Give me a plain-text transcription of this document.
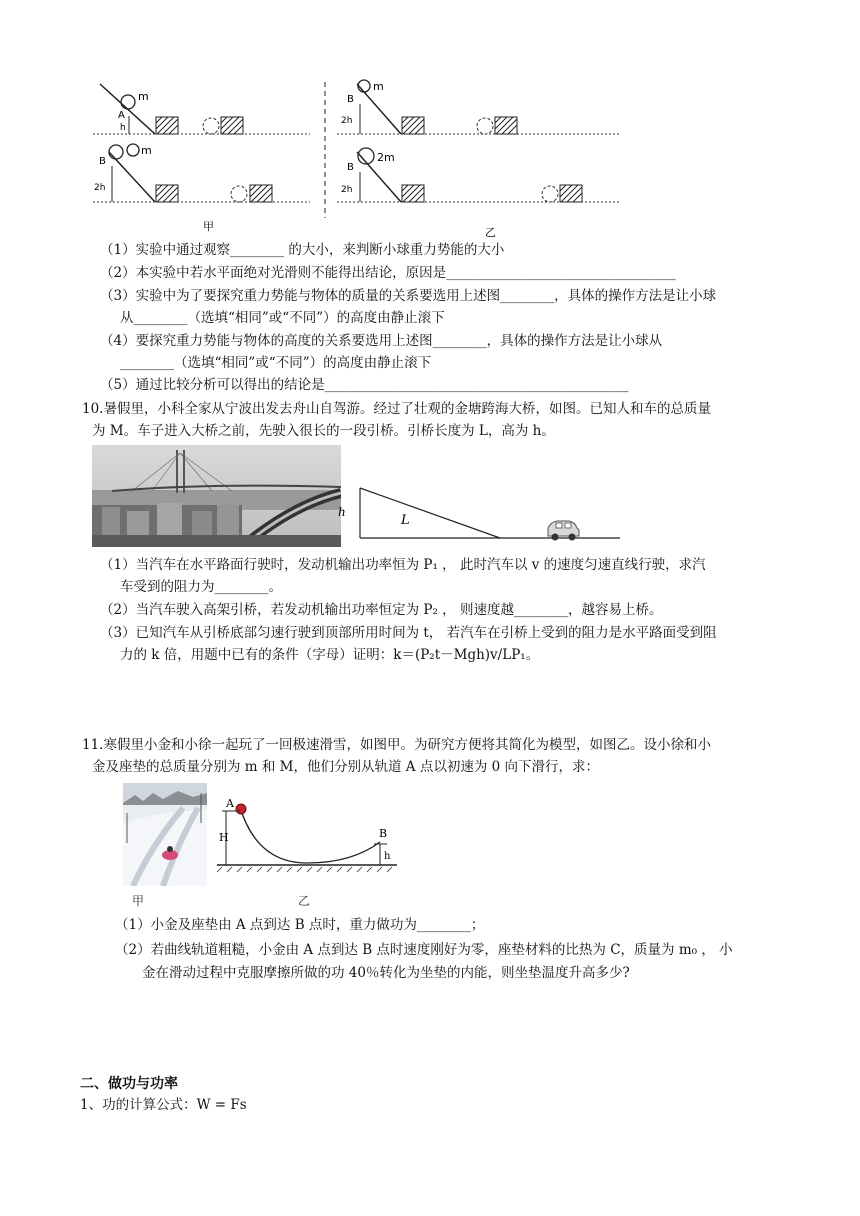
m
A
h
B
2h
m
m
B
2h
2m
B
2h
甲	乙
（1）实验中通过观察________ 的大小，来判断小球重力势能的大小
（2）本实验中若水平面绝对光滑则不能得出结论，原因是__________________________________
（3）实验中为了要探究重力势能与物体的质量的关系要选用上述图________，具体的操作方法是让小球
从________（选填“相同”或“不同”）的高度由静止滚下
（4）要探究重力势能与物体的高度的关系要选用上述图________，具体的操作方法是让小球从
________（选填“相同”或“不同”）的高度由静止滚下
（5）通过比较分析可以得出的结论是_____________________________________________
10.暑假里，小科全家从宁波出发去舟山自驾游。经过了壮观的金塘跨海大桥，如图。已知人和车的总质量
为 M。车子进入大桥之前，先驶入很长的一段引桥。引桥长度为 L，高为 h。
h
L
（1）当汽车在水平路面行驶时，发动机输出功率恒为 P₁ ， 此时汽车以 v 的速度匀速直线行驶，求汽
车受到的阻力为________。
（2）当汽车驶入高架引桥，若发动机输出功率恒定为 P₂ ， 则速度越________，越容易上桥。
（3）已知汽车从引桥底部匀速行驶到顶部所用时间为 t， 若汽车在引桥上受到的阻力是水平路面受到阻
力的 k 倍，用题中已有的条件（字母）证明：k＝(P₂t－Mgh)v/LP₁。
11.寒假里小金和小徐一起玩了一回极速滑雪，如图甲。为研究方便将其简化为模型，如图乙。设小徐和小
金及座垫的总质量分别为 m 和 M，他们分别从轨道 A 点以初速为 0 向下滑行，求：
A
H	B
h
甲	乙
（1）小金及座垫由 A 点到达 B 点时，重力做功为________；
（2）若曲线轨道粗糙，小金由 A 点到达 B 点时速度刚好为零，座垫材料的比热为 C，质量为 m₀ ， 小
金在滑动过程中克服摩擦所做的功 40％转化为坐垫的内能，则坐垫温度升高多少?
二、做功与功率
1、功的计算公式：W = Fs
